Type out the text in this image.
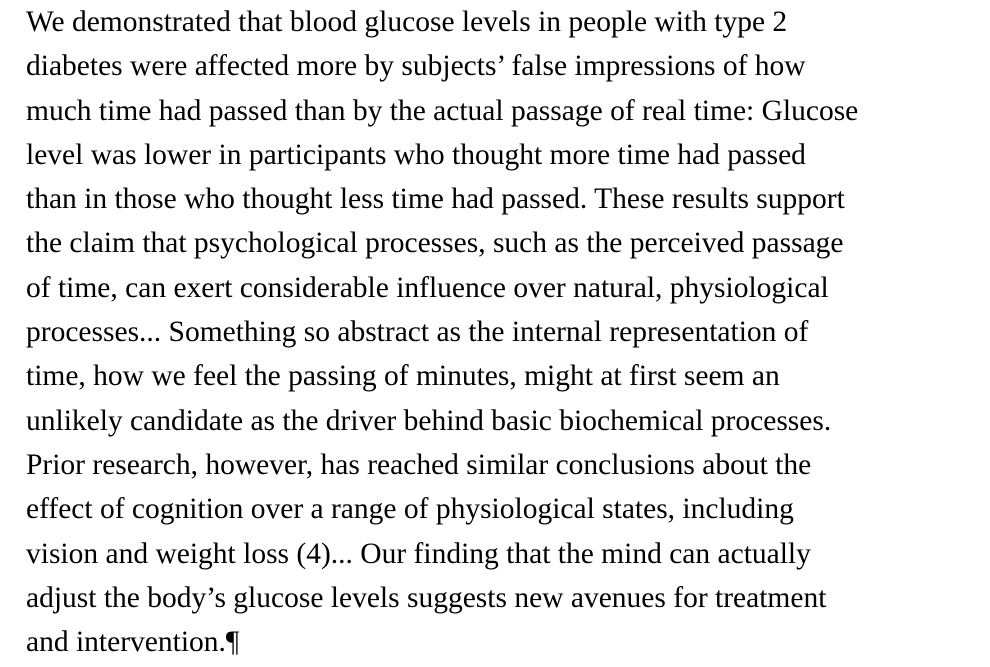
We demonstrated that blood glucose levels in people with type 2
diabetes were affected more by subjects’ false impressions of how
much time had passed than by the actual passage of real time: Glucose
level was lower in participants who thought more time had passed
than in those who thought less time had passed. These results support
the claim that psychological processes, such as the perceived passage
of time, can exert considerable influence over natural, physiological
processes... Something so abstract as the internal representation of
time, how we feel the passing of minutes, might at first seem an
unlikely candidate as the driver behind basic biochemical processes.
Prior research, however, has reached similar conclusions about the
effect of cognition over a range of physiological states, including
vision and weight loss (4)... Our finding that the mind can actually
adjust the body’s glucose levels suggests new avenues for treatment
and intervention.¶
